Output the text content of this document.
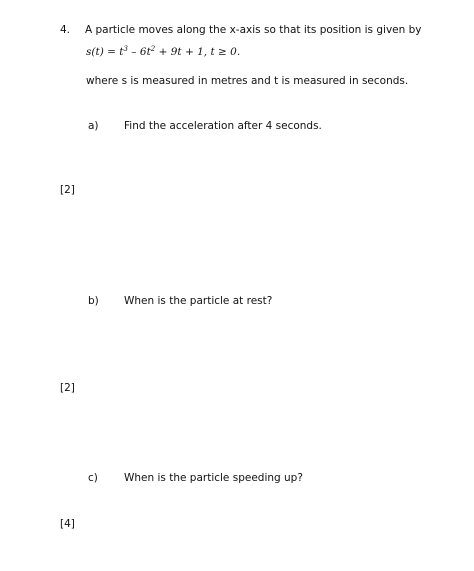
4. A particle moves along the x-axis so that its position is given by
$s(t) = t^3 - 6t^2 + 9t + 1$, t ≥ 0.
where s is measured in metres and t is measured in seconds.
a) Find the acceleration after 4 seconds.
[2]
b) When is the particle at rest?
[2]
c) When is the particle speeding up?
[4]
